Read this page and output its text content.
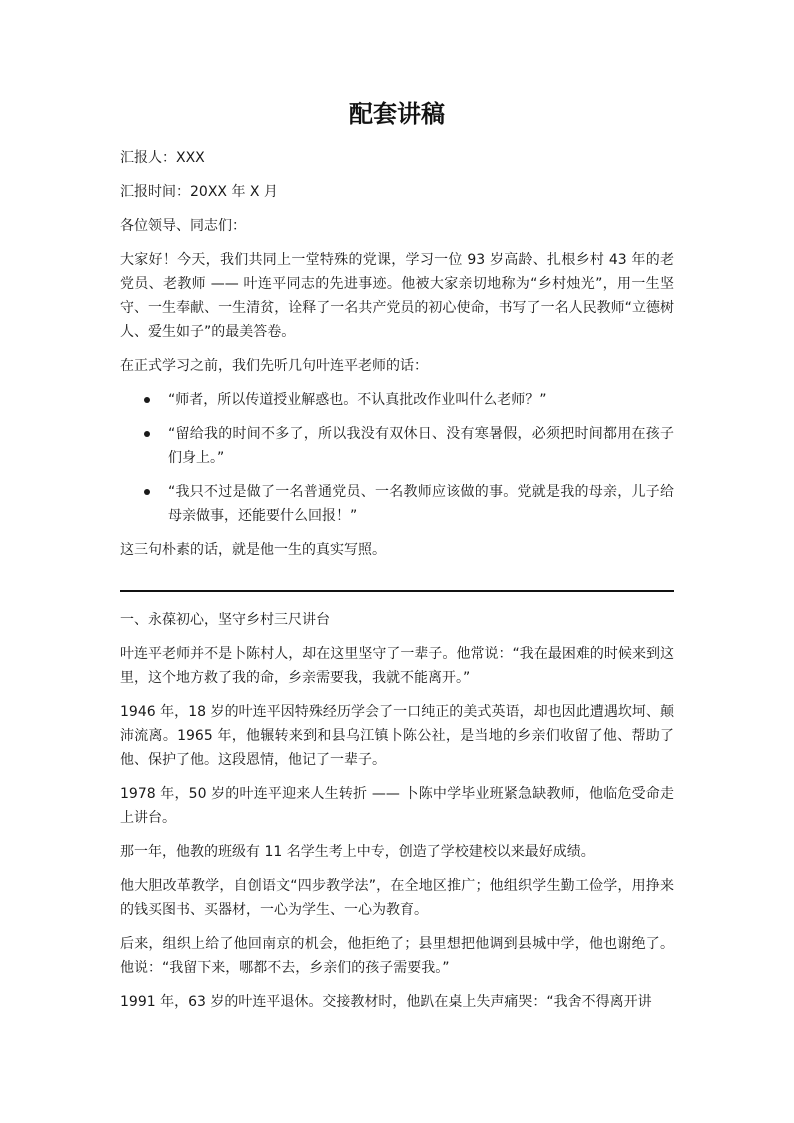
配套讲稿

汇报人：XXX

汇报时间：20XX 年 X 月

各位领导、同志们：

大家好！今天，我们共同上一堂特殊的党课，学习一位 93 岁高龄、扎根乡村 43 年的老党员、老教师 —— 叶连平同志的先进事迹。他被大家亲切地称为“乡村烛光”，用一生坚守、一生奉献、一生清贫，诠释了一名共产党员的初心使命，书写了一名人民教师“立德树人、爱生如子”的最美答卷。

在正式学习之前，我们先听几句叶连平老师的话：

“师者，所以传道授业解惑也。不认真批改作业叫什么老师？”
“留给我的时间不多了，所以我没有双休日、没有寒暑假，必须把时间都用在孩子们身上。”
“我只不过是做了一名普通党员、一名教师应该做的事。党就是我的母亲，儿子给母亲做事，还能要什么回报！”

这三句朴素的话，就是他一生的真实写照。

一、永葆初心，坚守乡村三尺讲台

叶连平老师并不是卜陈村人，却在这里坚守了一辈子。他常说：“我在最困难的时候来到这里，这个地方救了我的命，乡亲需要我，我就不能离开。”

1946 年，18 岁的叶连平因特殊经历学会了一口纯正的美式英语，却也因此遭遇坎坷、颠沛流离。1965 年，他辗转来到和县乌江镇卜陈公社，是当地的乡亲们收留了他、帮助了他、保护了他。这段恩情，他记了一辈子。

1978 年，50 岁的叶连平迎来人生转折 —— 卜陈中学毕业班紧急缺教师，他临危受命走上讲台。

那一年，他教的班级有 11 名学生考上中专，创造了学校建校以来最好成绩。

他大胆改革教学，自创语文“四步教学法”，在全地区推广；他组织学生勤工俭学，用挣来的钱买图书、买器材，一心为学生、一心为教育。

后来，组织上给了他回南京的机会，他拒绝了；县里想把他调到县城中学，他也谢绝了。他说：“我留下来，哪都不去，乡亲们的孩子需要我。”

1991 年，63 岁的叶连平退休。交接教材时，他趴在桌上失声痛哭：“我舍不得离开讲
